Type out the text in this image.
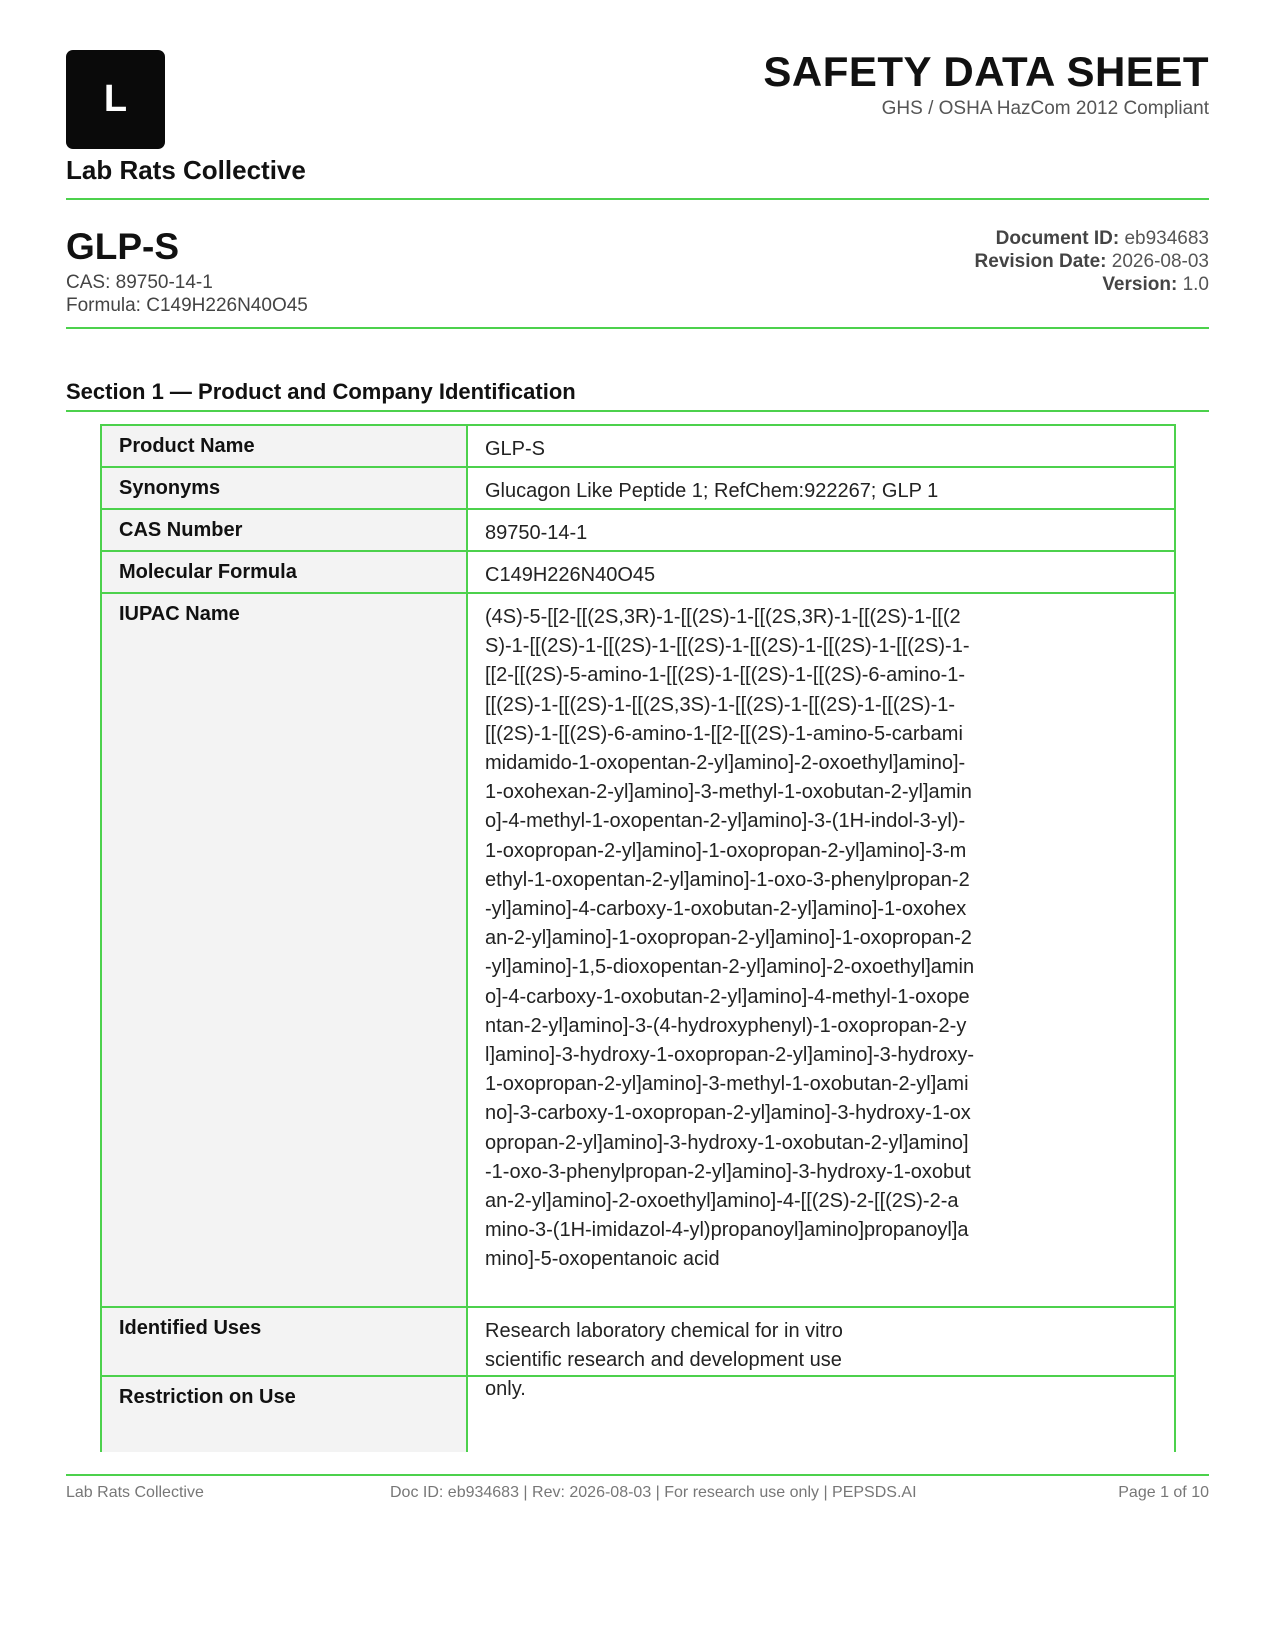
L
Lab Rats Collective
SAFETY DATA SHEET
GHS / OSHA HazCom 2012 Compliant
GLP-S
CAS: 89750-14-1
Formula: C149H226N40O45
Document ID: eb934683
Revision Date: 2026-08-03
Version: 1.0
Section 1 — Product and Company Identification
Product Name	GLP-S
Synonyms	Glucagon Like Peptide 1; RefChem:922267; GLP 1
CAS Number	89750-14-1
Molecular Formula	C149H226N40O45
IUPAC Name	(4S)-5-[[2-[[(2S,3R)-1-[[(2S)-1-[[(2S,3R)-1-[[(2S)-1-[[(2S)-1-[[(2S)-1-[[(2S)-1-[[(2S)-1-[[(2S)-1-[[(2S)-1-[[(2S)-1-[[2-[[(2S)-5-amino-1-[[(2S)-1-[[(2S)-1-[[(2S)-6-amino-1-[[(2S)-1-[[(2S)-1-[[(2S,3S)-1-[[(2S)-1-[[(2S)-1-[[(2S)-1-[[(2S)-1-[[(2S)-6-amino-1-[[2-[[(2S)-1-amino-5-carbamimidamido-1-oxopentan-2-yl]amino]-2-oxoethyl]amino]-1-oxohexan-2-yl]amino]-3-methyl-1-oxobutan-2-yl]amino]-4-methyl-1-oxopentan-2-yl]amino]-3-(1H-indol-3-yl)-1-oxopropan-2-yl]amino]-1-oxopropan-2-yl]amino]-3-methyl-1-oxopentan-2-yl]amino]-1-oxo-3-phenylpropan-2-yl]amino]-4-carboxy-1-oxobutan-2-yl]amino]-1-oxohexan-2-yl]amino]-1-oxopropan-2-yl]amino]-1-oxopropan-2-yl]amino]-1,5-dioxopentan-2-yl]amino]-2-oxoethyl]amino]-4-carboxy-1-oxobutan-2-yl]amino]-4-methyl-1-oxopentan-2-yl]amino]-3-(4-hydroxyphenyl)-1-oxopropan-2-yl]amino]-3-hydroxy-1-oxopropan-2-yl]amino]-3-hydroxy-1-oxopropan-2-yl]amino]-3-methyl-1-oxobutan-2-yl]amino]-3-carboxy-1-oxopropan-2-yl]amino]-3-hydroxy-1-oxopropan-2-yl]amino]-3-hydroxy-1-oxobutan-2-yl]amino]-1-oxo-3-phenylpropan-2-yl]amino]-3-hydroxy-1-oxobutan-2-yl]amino]-2-oxoethyl]amino]-4-[[(2S)-2-[[(2S)-2-amino-3-(1H-imidazol-4-yl)propanoyl]amino]propanoyl]amino]-5-oxopentanoic acid
Identified Uses	Research laboratory chemical for in vitro scientific research and development use only.
Restriction on Use
Lab Rats Collective	Doc ID: eb934683 | Rev: 2026-08-03 | For research use only | PEPSDS.AI	Page 1 of 10
